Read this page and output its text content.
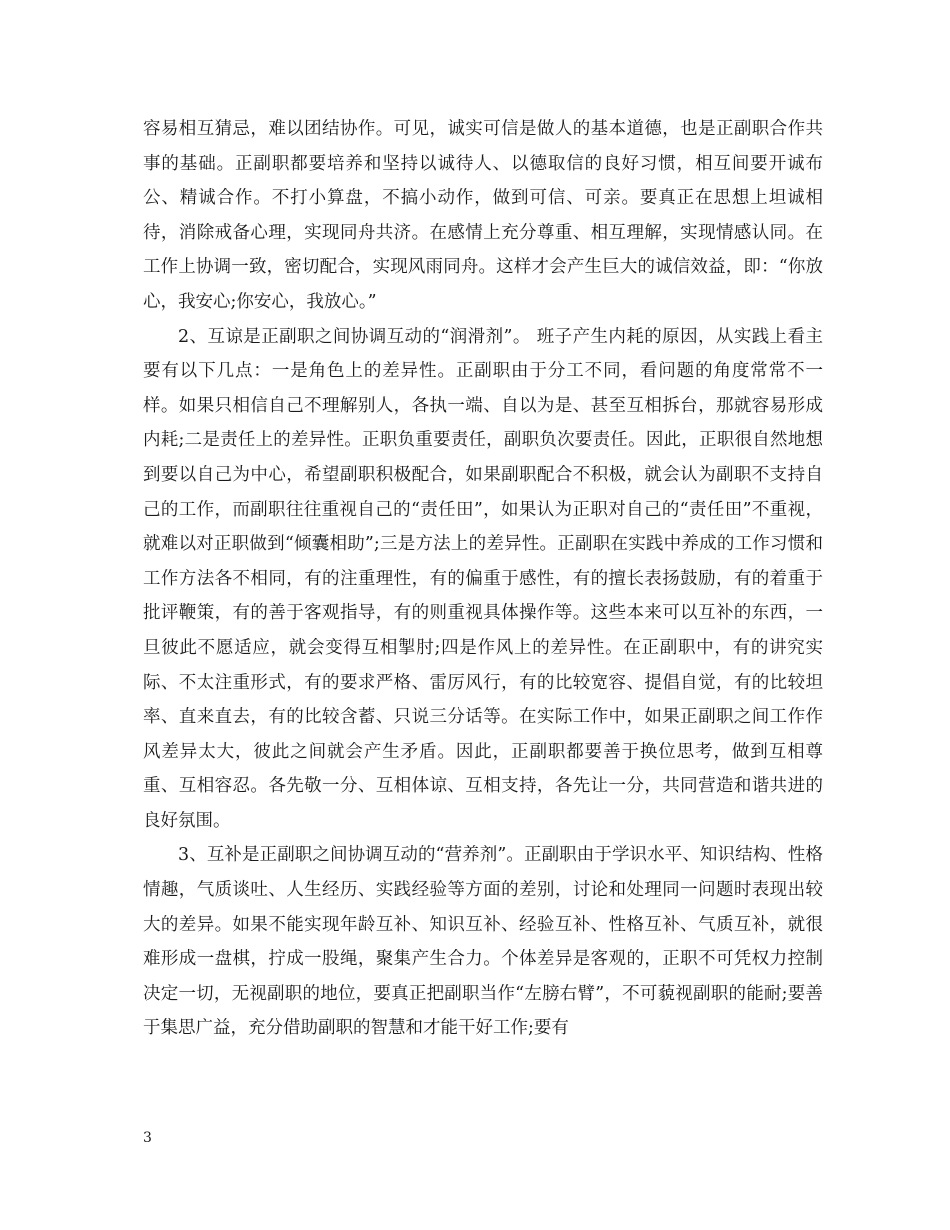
容易相互猜忌，难以团结协作。可见，诚实可信是做人的基本道德，也是正副职合作共事的基础。正副职都要培养和坚持以诚待人、以德取信的良好习惯，相互间要开诚布公、精诚合作。不打小算盘，不搞小动作，做到可信、可亲。要真正在思想上坦诚相待，消除戒备心理，实现同舟共济。在感情上充分尊重、相互理解，实现情感认同。在工作上协调一致，密切配合，实现风雨同舟。这样才会产生巨大的诚信效益，即：“你放心，我安心;你安心，我放心。”

2、互谅是正副职之间协调互动的“润滑剂”。 班子产生内耗的原因，从实践上看主要有以下几点：一是角色上的差异性。正副职由于分工不同，看问题的角度常常不一样。如果只相信自己不理解别人，各执一端、自以为是、甚至互相拆台，那就容易形成内耗;二是责任上的差异性。正职负重要责任，副职负次要责任。因此，正职很自然地想到要以自己为中心，希望副职积极配合，如果副职配合不积极，就会认为副职不支持自己的工作，而副职往往重视自己的“责任田”，如果认为正职对自己的“责任田”不重视，就难以对正职做到“倾囊相助”;三是方法上的差异性。正副职在实践中养成的工作习惯和工作方法各不相同，有的注重理性，有的偏重于感性，有的擅长表扬鼓励，有的着重于批评鞭策，有的善于客观指导，有的则重视具体操作等。这些本来可以互补的东西，一旦彼此不愿适应，就会变得互相掣肘;四是作风上的差异性。在正副职中，有的讲究实际、不太注重形式，有的要求严格、雷厉风行，有的比较宽容、提倡自觉，有的比较坦率、直来直去，有的比较含蓄、只说三分话等。在实际工作中，如果正副职之间工作作风差异太大，彼此之间就会产生矛盾。因此，正副职都要善于换位思考，做到互相尊重、互相容忍。各先敬一分、互相体谅、互相支持，各先让一分，共同营造和谐共进的良好氛围。

3、互补是正副职之间协调互动的“营养剂”。正副职由于学识水平、知识结构、性格情趣，气质谈吐、人生经历、实践经验等方面的差别，讨论和处理同一问题时表现出较大的差异。如果不能实现年龄互补、知识互补、经验互补、性格互补、气质互补，就很难形成一盘棋，拧成一股绳，聚集产生合力。个体差异是客观的，正职不可凭权力控制决定一切，无视副职的地位，要真正把副职当作“左膀右臂”，不可藐视副职的能耐;要善于集思广益，充分借助副职的智慧和才能干好工作;要有

3
